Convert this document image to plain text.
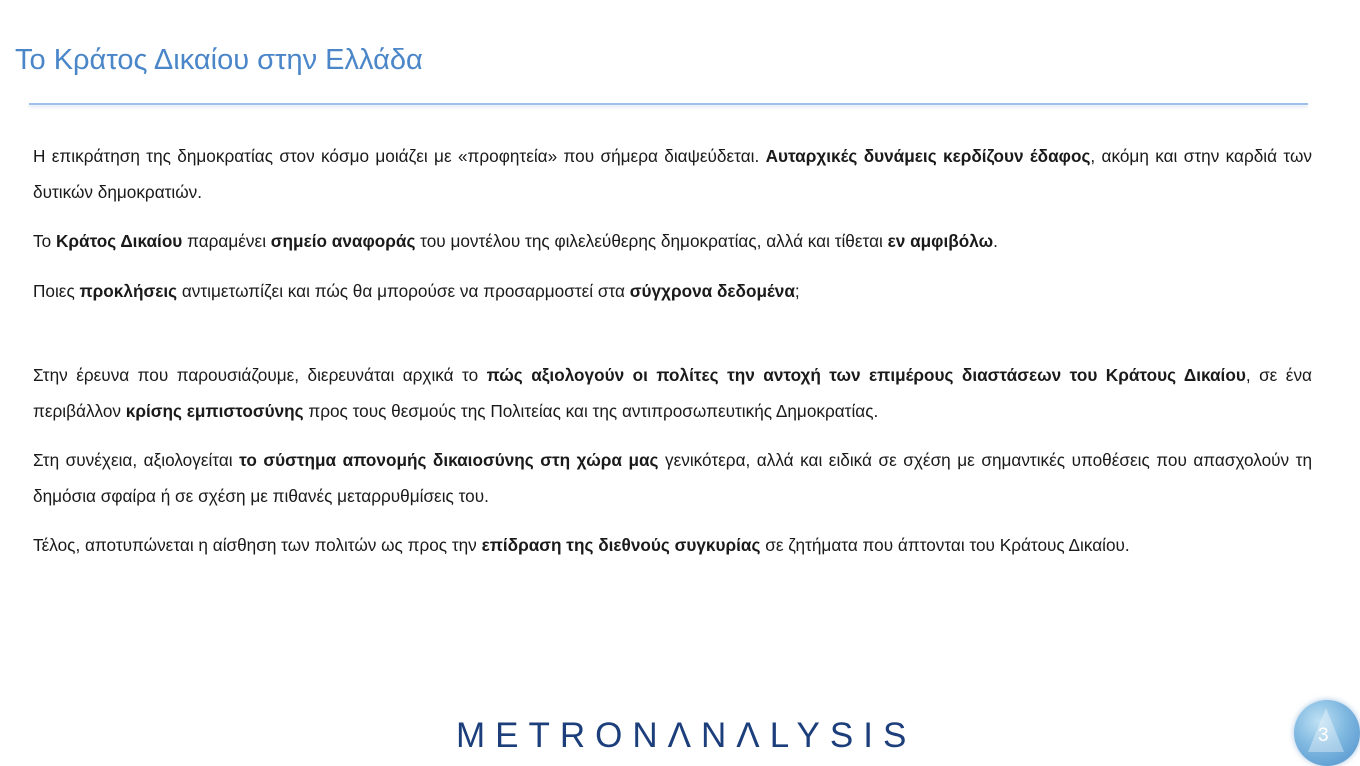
Το Κράτος Δικαίου στην Ελλάδα

Η επικράτηση της δημοκρατίας στον κόσμο μοιάζει με «προφητεία» που σήμερα διαψεύδεται. Αυταρχικές δυνάμεις κερδίζουν έδαφος, ακόμη και στην καρδιά των δυτικών δημοκρατιών.

Το Κράτος Δικαίου παραμένει σημείο αναφοράς του μοντέλου της φιλελεύθερης δημοκρατίας, αλλά και τίθεται εν αμφιβόλω.

Ποιες προκλήσεις αντιμετωπίζει και πώς θα μπορούσε να προσαρμοστεί στα σύγχρονα δεδομένα;

Στην έρευνα που παρουσιάζουμε, διερευνάται αρχικά το πώς αξιολογούν οι πολίτες την αντοχή των επιμέρους διαστάσεων του Κράτους Δικαίου, σε ένα περιβάλλον κρίσης εμπιστοσύνης προς τους θεσμούς της Πολιτείας και της αντιπροσωπευτικής Δημοκρατίας.

Στη συνέχεια, αξιολογείται το σύστημα απονομής δικαιοσύνης στη χώρα μας γενικότερα, αλλά και ειδικά σε σχέση με σημαντικές υποθέσεις που απασχολούν τη δημόσια σφαίρα ή σε σχέση με πιθανές μεταρρυθμίσεις του.

Τέλος, αποτυπώνεται η αίσθηση των πολιτών ως προς την επίδραση της διεθνούς συγκυρίας σε ζητήματα που άπτονται του Κράτους Δικαίου.

METRONΛΝΛLYSIS	3
